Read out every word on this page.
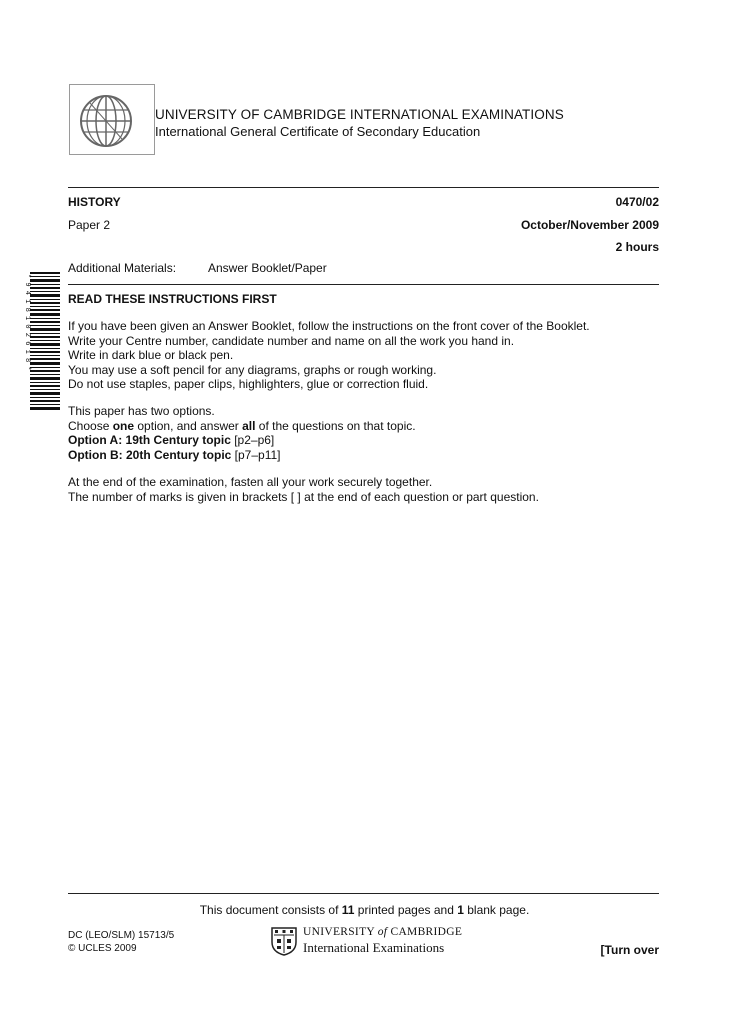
UNIVERSITY OF CAMBRIDGE INTERNATIONAL EXAMINATIONS
International General Certificate of Secondary Education
HISTORY	0470/02
Paper 2	October/November 2009
2 hours
Additional Materials:	Answer Booklet/Paper
* 9 4 1 8 1 0 2 6 1 8 *	READ THESE INSTRUCTIONS FIRST
If you have been given an Answer Booklet, follow the instructions on the front cover of the Booklet.
Write your Centre number, candidate number and name on all the work you hand in.
Write in dark blue or black pen.
You may use a soft pencil for any diagrams, graphs or rough working.
Do not use staples, paper clips, highlighters, glue or correction fluid.
This paper has two options.
Choose one option, and answer all of the questions on that topic.
Option A: 19th Century topic [p2–p6]
Option B: 20th Century topic [p7–p11]
At the end of the examination, fasten all your work securely together.
The number of marks is given in brackets [ ] at the end of each question or part question.
This document consists of 11 printed pages and 1 blank page.
DC (LEO/SLM) 15713/5
© UCLES 2009
UNIVERSITY of CAMBRIDGE
International Examinations	[Turn over
